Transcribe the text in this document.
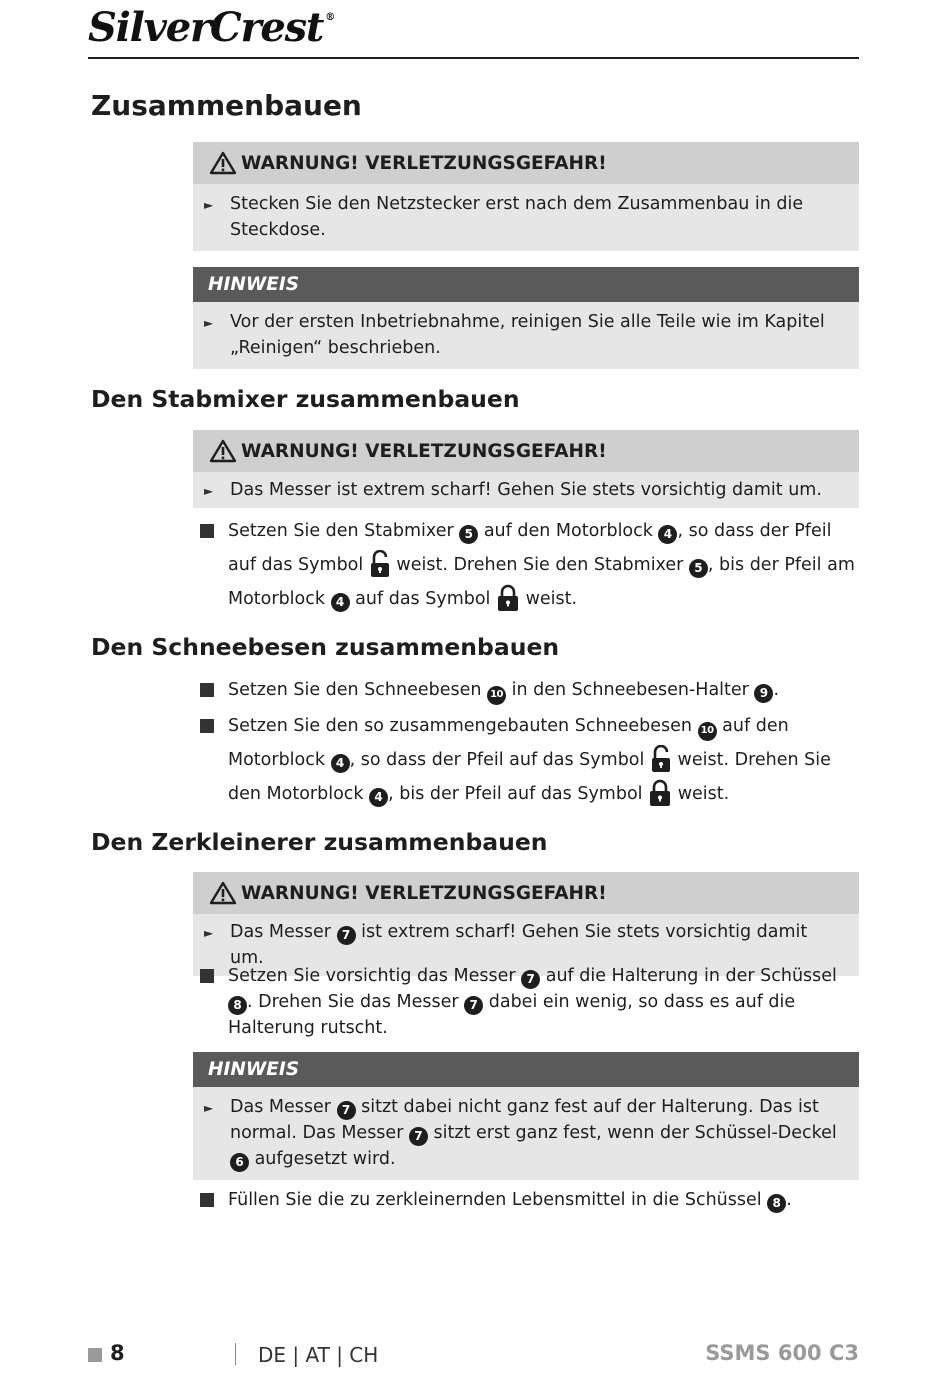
SilverCrest ®
Zusammenbauen
WARNUNG! VERLETZUNGSGEFAHR!
► Stecken Sie den Netzstecker erst nach dem Zusammenbau in die Steckdose.
HINWEIS
► Vor der ersten Inbetriebnahme, reinigen Sie alle Teile wie im Kapitel „Reinigen“ beschrieben.
Den Stabmixer zusammenbauen
WARNUNG! VERLETZUNGSGEFAHR!
► Das Messer ist extrem scharf! Gehen Sie stets vorsichtig damit um.
Setzen Sie den Stabmixer 5 auf den Motorblock 4 , so dass der Pfeil auf das Symbol weist. Drehen Sie den Stabmixer 5 , bis der Pfeil am Motorblock 4 auf das Symbol weist.
Den Schneebesen zusammenbauen
Setzen Sie den Schneebesen 10 in den Schneebesen-Halter 9 .
Setzen Sie den so zusammengebauten Schneebesen 10 auf den Motorblock 4 , so dass der Pfeil auf das Symbol weist. Drehen Sie den Motorblock 4 , bis der Pfeil auf das Symbol weist.
Den Zerkleinerer zusammenbauen
WARNUNG! VERLETZUNGSGEFAHR!
► Das Messer 7 ist extrem scharf! Gehen Sie stets vorsichtig damit um.
Setzen Sie vorsichtig das Messer 7 auf die Halterung in der Schüssel 8 . Drehen Sie das Messer 7 dabei ein wenig, so dass es auf die Halterung rutscht.
HINWEIS
► Das Messer 7 sitzt dabei nicht ganz fest auf der Halterung. Das ist normal. Das Messer 7 sitzt erst ganz fest, wenn der Schüssel-Deckel 6 aufgesetzt wird.
Füllen Sie die zu zerkleinernden Lebensmittel in die Schüssel 8 .
8	DE | AT | CH	SSMS 600 C3
